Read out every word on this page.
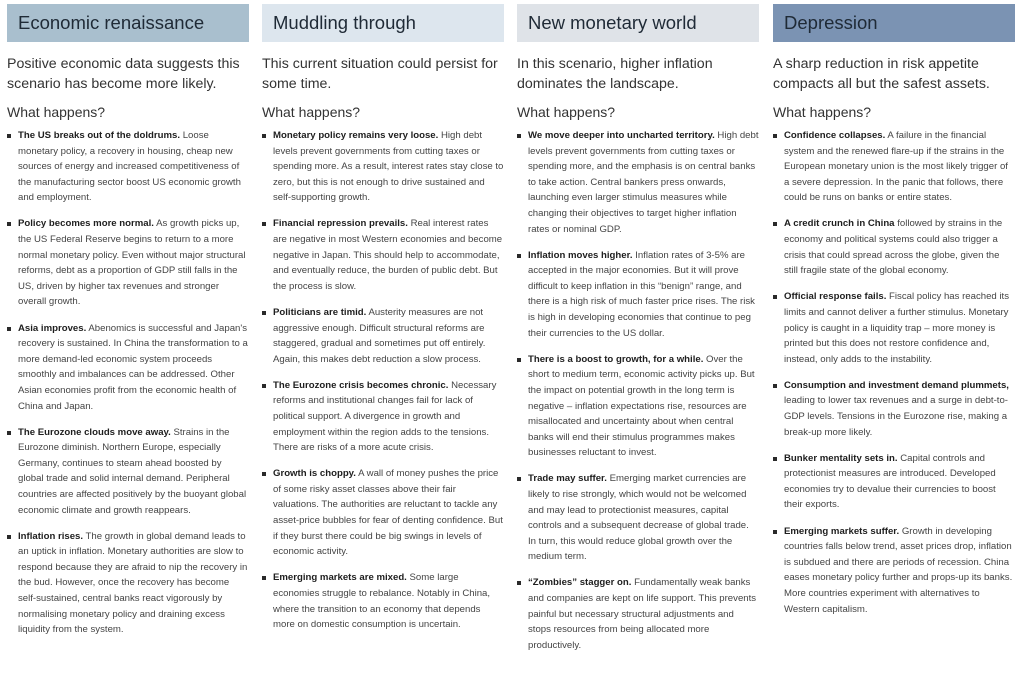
Economic renaissance

Positive economic data suggests this scenario has become more likely.

What happens?

The US breaks out of the doldrums. Loose monetary policy, a recovery in housing, cheap new sources of energy and increased competitiveness of the manufacturing sector boost US economic growth and employment.
Policy becomes more normal. As growth picks up, the US Federal Reserve begins to return to a more normal monetary policy. Even without major structural reforms, debt as a proportion of GDP still falls in the US, driven by higher tax revenues and stronger overall growth.
Asia improves. Abenomics is successful and Japan's recovery is sustained. In China the transformation to a more demand-led economic system proceeds smoothly and imbalances can be addressed. Other Asian economies profit from the economic health of China and Japan.
The Eurozone clouds move away. Strains in the Eurozone diminish. Northern Europe, especially Germany, continues to steam ahead boosted by global trade and solid internal demand. Peripheral countries are affected positively by the buoyant global economic climate and growth reappears.
Inflation rises. The growth in global demand leads to an uptick in inflation. Monetary authorities are slow to respond because they are afraid to nip the recovery in the bud. However, once the recovery has become self-sustained, central banks react vigorously by normalising monetary policy and draining excess liquidity from the system.
Muddling through

This current situation could persist for some time.

What happens?

Monetary policy remains very loose. High debt levels prevent governments from cutting taxes or spending more. As a result, interest rates stay close to zero, but this is not enough to drive sustained and self-supporting growth.
Financial repression prevails. Real interest rates are negative in most Western economies and become negative in Japan. This should help to accommodate, and eventually reduce, the burden of public debt. But the process is slow.
Politicians are timid. Austerity measures are not aggressive enough. Difficult structural reforms are staggered, gradual and sometimes put off entirely. Again, this makes debt reduction a slow process.
The Eurozone crisis becomes chronic. Necessary reforms and institutional changes fail for lack of political support. A divergence in growth and employment within the region adds to the tensions. There are risks of a more acute crisis.
Growth is choppy. A wall of money pushes the price of some risky asset classes above their fair valuations. The authorities are reluctant to tackle any asset-price bubbles for fear of denting confidence. But if they burst there could be big swings in levels of economic activity.
Emerging markets are mixed. Some large economies struggle to rebalance. Notably in China, where the transition to an economy that depends more on domestic consumption is uncertain.
New monetary world

In this scenario, higher inflation dominates the landscape.

What happens?

We move deeper into uncharted territory. High debt levels prevent governments from cutting taxes or spending more, and the emphasis is on central banks to take action. Central bankers press onwards, launching even larger stimulus measures while changing their objectives to target higher inflation rates or nominal GDP.
Inflation moves higher. Inflation rates of 3-5% are accepted in the major economies. But it will prove difficult to keep inflation in this “benign” range, and there is a high risk of much faster price rises. The risk is high in developing economies that continue to peg their currencies to the US dollar.
There is a boost to growth, for a while. Over the short to medium term, economic activity picks up. But the impact on potential growth in the long term is negative – inflation expectations rise, resources are misallocated and uncertainty about when central banks will end their stimulus programmes makes businesses reluctant to invest.
Trade may suffer. Emerging market currencies are likely to rise strongly, which would not be welcomed and may lead to protectionist measures, capital controls and a subsequent decrease of global trade. In turn, this would reduce global growth over the medium term.
“Zombies” stagger on. Fundamentally weak banks and companies are kept on life support. This prevents painful but necessary structural adjustments and stops resources from being allocated more productively.
Depression

A sharp reduction in risk appetite compacts all but the safest assets.

What happens?

Confidence collapses. A failure in the financial system and the renewed flare-up if the strains in the European monetary union is the most likely trigger of a severe depression. In the panic that follows, there could be runs on banks or entire states.
A credit crunch in China followed by strains in the economy and political systems could also trigger a crisis that could spread across the globe, given the still fragile state of the global economy.
Official response fails. Fiscal policy has reached its limits and cannot deliver a further stimulus. Monetary policy is caught in a liquidity trap – more money is printed but this does not restore confidence and, instead, only adds to the instability.
Consumption and investment demand plummets, leading to lower tax revenues and a surge in debt-to-GDP levels. Tensions in the Eurozone rise, making a break-up more likely.
Bunker mentality sets in. Capital controls and protectionist measures are introduced. Developed economies try to devalue their currencies to boost their exports.
Emerging markets suffer. Growth in developing countries falls below trend, asset prices drop, inflation is subdued and there are periods of recession. China eases monetary policy further and props-up its banks. More countries experiment with alternatives to Western capitalism.
